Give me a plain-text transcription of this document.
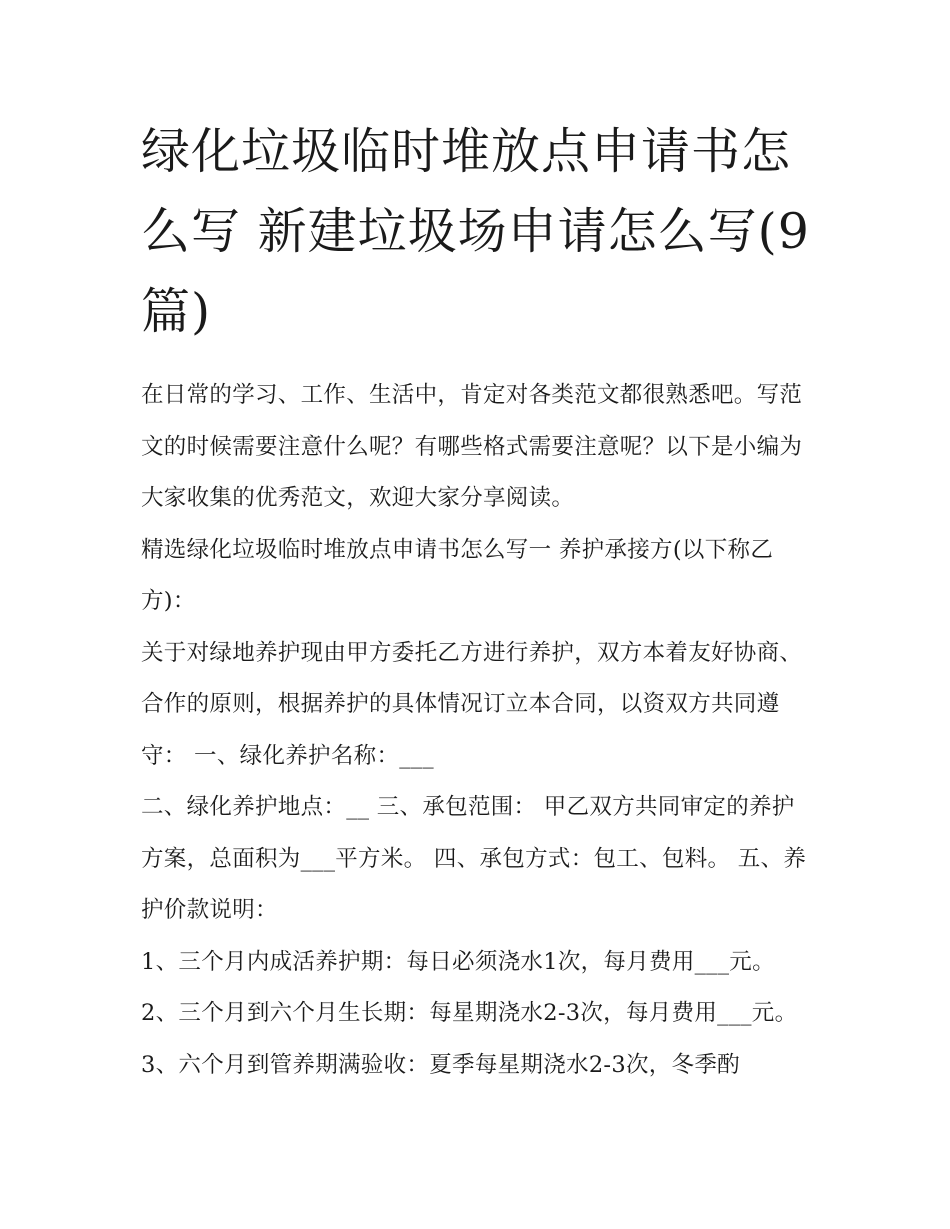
绿化垃圾临时堆放点申请书怎么写 新建垃圾场申请怎么写(9篇)

在日常的学习、工作、生活中，肯定对各类范文都很熟悉吧。写范文的时候需要注意什么呢？有哪些格式需要注意呢？以下是小编为大家收集的优秀范文，欢迎大家分享阅读。

精选绿化垃圾临时堆放点申请书怎么写一 养护承接方(以下称乙方)：

关于对绿地养护现由甲方委托乙方进行养护，双方本着友好协商、合作的原则，根据养护的具体情况订立本合同，以资双方共同遵守： 一、绿化养护名称：___

二、绿化养护地点：__ 三、承包范围： 甲乙双方共同审定的养护方案，总面积为___平方米。 四、承包方式：包工、包料。 五、养护价款说明：

1、三个月内成活养护期：每日必须浇水1次，每月费用___元。 2、三个月到六个月生长期：每星期浇水2-3次，每月费用___元。

3、六个月到管养期满验收：夏季每星期浇水2-3次，冬季酌
